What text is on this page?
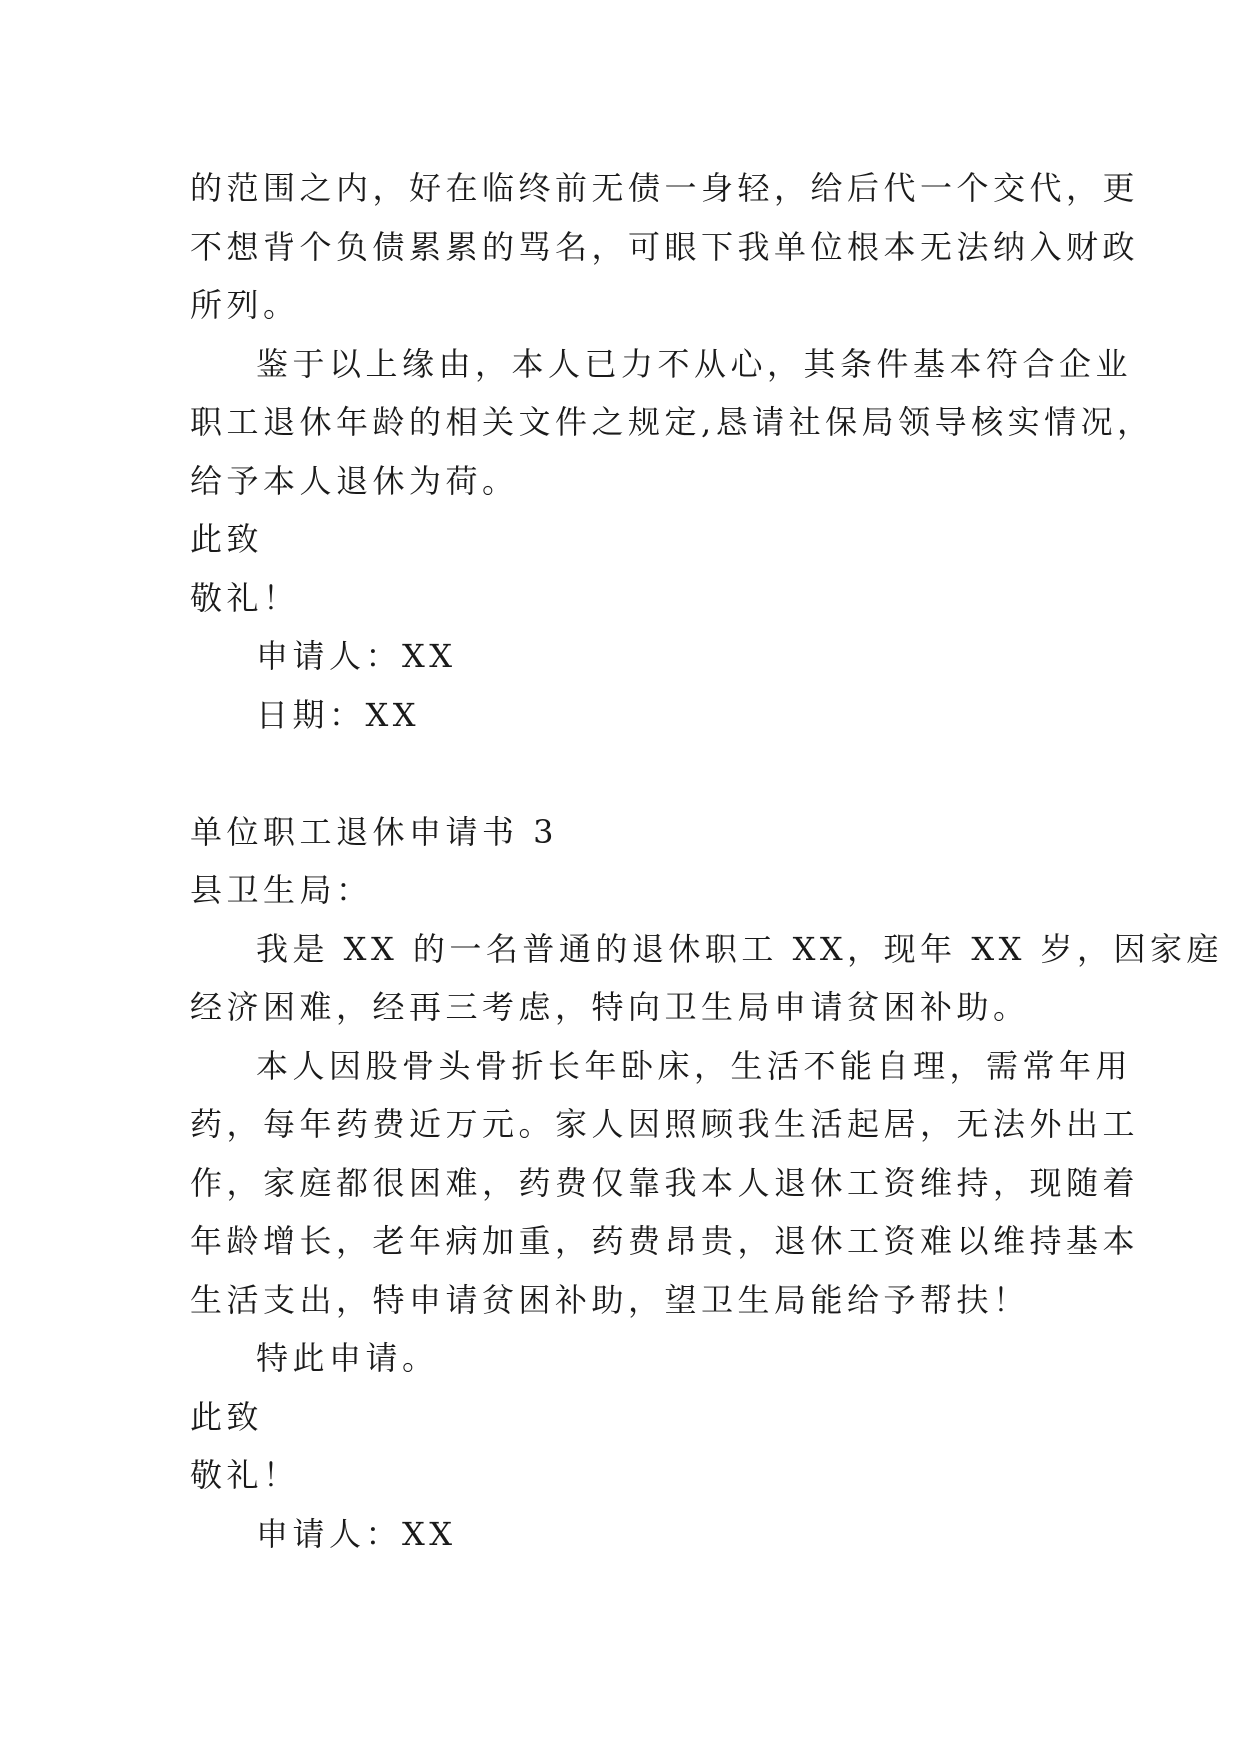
的范围之内，好在临终前无债一身轻，给后代一个交代，更
不想背个负债累累的骂名，可眼下我单位根本无法纳入财政
所列。
鉴于以上缘由，本人已力不从心，其条件基本符合企业
职工退休年龄的相关文件之规定,恳请社保局领导核实情况，
给予本人退休为荷。
此致
敬礼！
申请人：XX
日期：XX
单位职工退休申请书 3
县卫生局：
我是 XX 的一名普通的退休职工 XX，现年 XX 岁，因家庭
经济困难，经再三考虑，特向卫生局申请贫困补助。
本人因股骨头骨折长年卧床，生活不能自理，需常年用
药，每年药费近万元。家人因照顾我生活起居，无法外出工
作，家庭都很困难，药费仅靠我本人退休工资维持，现随着
年龄增长，老年病加重，药费昂贵，退休工资难以维持基本
生活支出，特申请贫困补助，望卫生局能给予帮扶！
特此申请。
此致
敬礼！
申请人：XX
